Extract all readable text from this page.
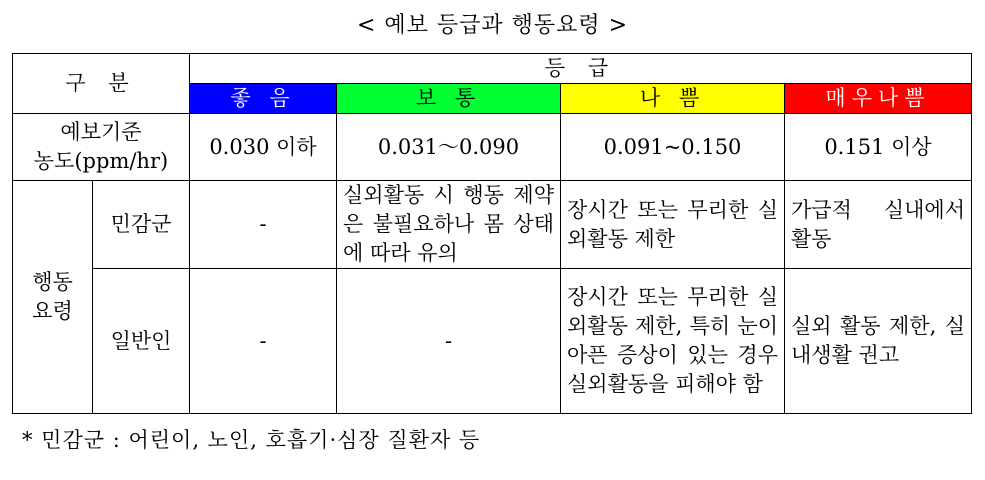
< 예보 등급과 행동요령 >
구 분		등 급			
		좋 음	보 통	나 쁨	매우나쁨

예보기준
농도(ppm/hr)		0.030 이하	0.031～0.090	0.091~0.150	0.151 이상
행동
요령	민감군	-	실외활동 시 행동 제약은 불필요하나 몸 상태에 따라 유의	장시간 또는 무리한 실외활동 제한	가급적 실내에서 활동
	일반인	-	-	장시간 또는 무리한 실외활동 제한, 특히 눈이 아픈 증상이 있는 경우 실외활동을 피해야 함	실외 활동 제한, 실내생활 권고
* 민감군 : 어린이, 노인, 호흡기·심장 질환자 등
